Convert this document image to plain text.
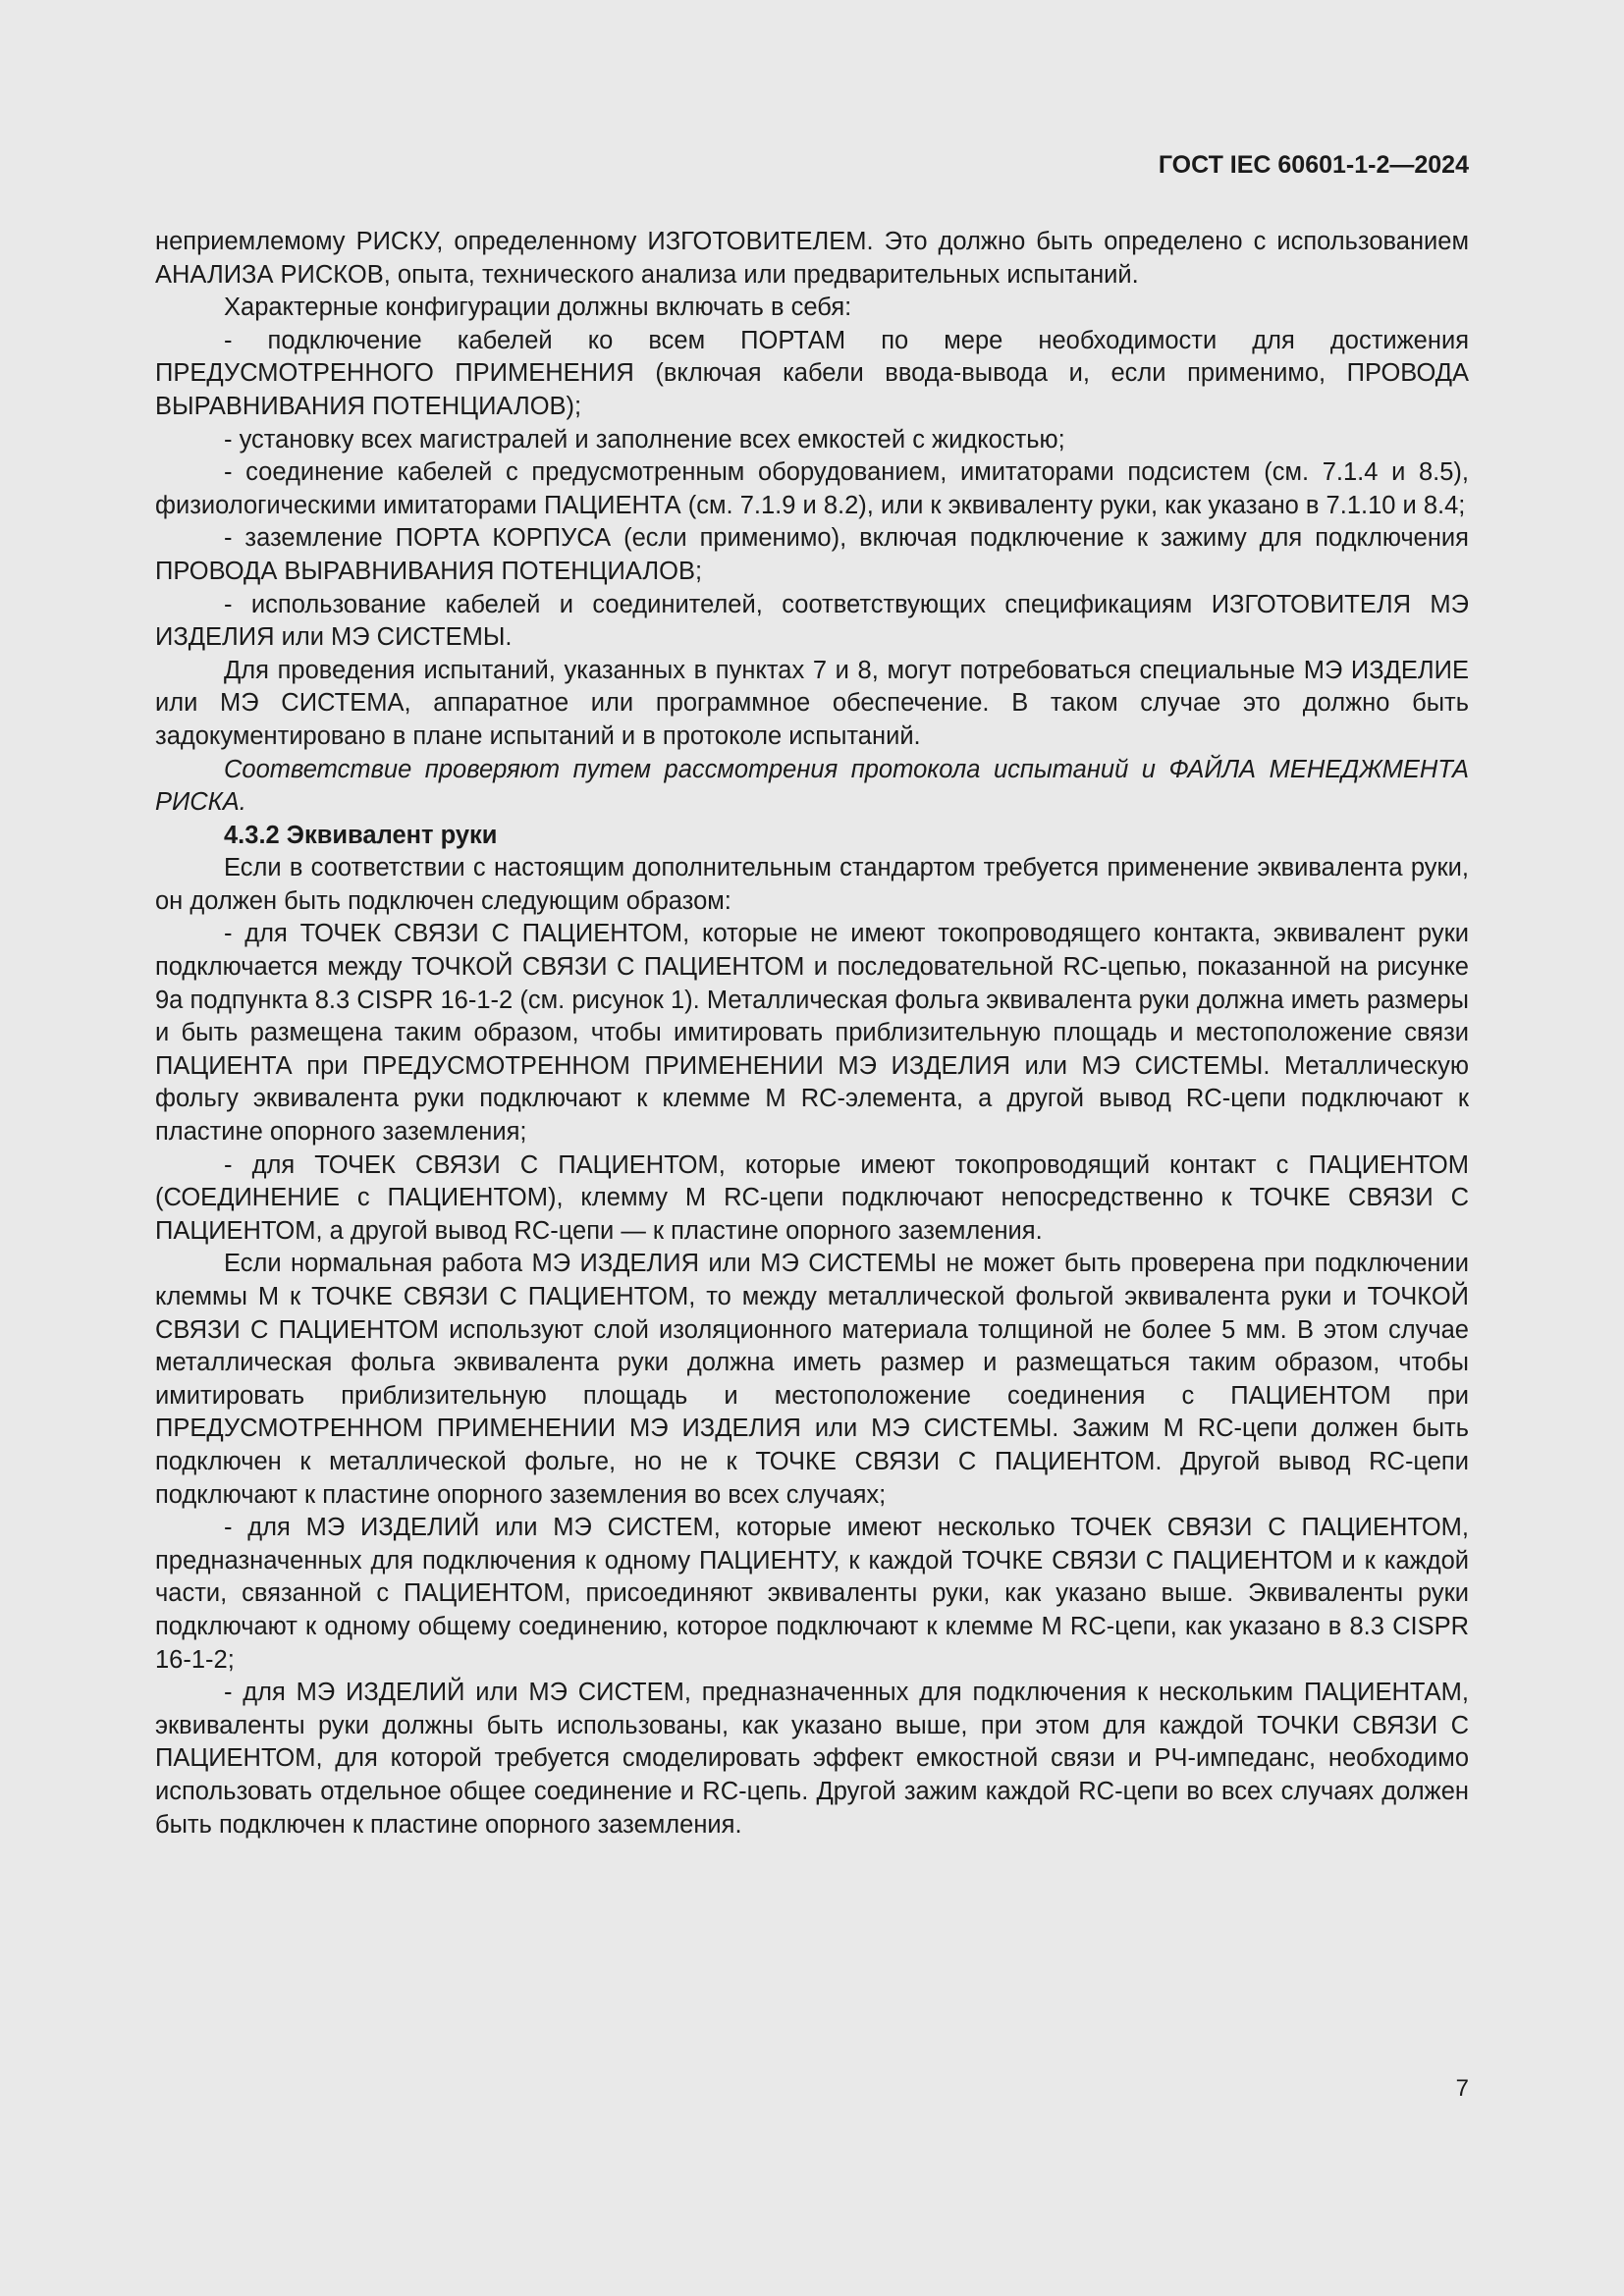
ГОСТ IEC 60601-1-2—2024

неприемлемому РИСКУ, определенному ИЗГОТОВИТЕЛЕМ. Это должно быть определено с использованием АНАЛИЗА РИСКОВ, опыта, технического анализа или предварительных испытаний.

Характерные конфигурации должны включать в себя:

- подключение кабелей ко всем ПОРТАМ по мере необходимости для достижения ПРЕДУСМОТРЕННОГО ПРИМЕНЕНИЯ (включая кабели ввода-вывода и, если применимо, ПРОВОДА ВЫРАВНИВАНИЯ ПОТЕНЦИАЛОВ);

- установку всех магистралей и заполнение всех емкостей с жидкостью;

- соединение кабелей с предусмотренным оборудованием, имитаторами подсистем (см. 7.1.4 и 8.5), физиологическими имитаторами ПАЦИЕНТА (см. 7.1.9 и 8.2), или к эквиваленту руки, как указано в 7.1.10 и 8.4;

- заземление ПОРТА КОРПУСА (если применимо), включая подключение к зажиму для подключения ПРОВОДА ВЫРАВНИВАНИЯ ПОТЕНЦИАЛОВ;

- использование кабелей и соединителей, соответствующих спецификациям ИЗГОТОВИТЕЛЯ МЭ ИЗДЕЛИЯ или МЭ СИСТЕМЫ.

Для проведения испытаний, указанных в пунктах 7 и 8, могут потребоваться специальные МЭ ИЗДЕЛИЕ или МЭ СИСТЕМА, аппаратное или программное обеспечение. В таком случае это должно быть задокументировано в плане испытаний и в протоколе испытаний.

Соответствие проверяют путем рассмотрения протокола испытаний и ФАЙЛА МЕНЕДЖМЕНТА РИСКА.

4.3.2 Эквивалент руки

Если в соответствии с настоящим дополнительным стандартом требуется применение эквивалента руки, он должен быть подключен следующим образом:

- для ТОЧЕК СВЯЗИ С ПАЦИЕНТОМ, которые не имеют токопроводящего контакта, эквивалент руки подключается между ТОЧКОЙ СВЯЗИ С ПАЦИЕНТОМ и последовательной RC-цепью, показанной на рисунке 9a подпункта 8.3 CISPR 16-1-2 (см. рисунок 1). Металлическая фольга эквивалента руки должна иметь размеры и быть размещена таким образом, чтобы имитировать приблизительную площадь и местоположение связи ПАЦИЕНТА при ПРЕДУСМОТРЕННОМ ПРИМЕНЕНИИ МЭ ИЗДЕЛИЯ или МЭ СИСТЕМЫ. Металлическую фольгу эквивалента руки подключают к клемме M RC-элемента, а другой вывод RC-цепи подключают к пластине опорного заземления;

- для ТОЧЕК СВЯЗИ С ПАЦИЕНТОМ, которые имеют токопроводящий контакт с ПАЦИЕНТОМ (СОЕДИНЕНИЕ с ПАЦИЕНТОМ), клемму M RC-цепи подключают непосредственно к ТОЧКЕ СВЯЗИ С ПАЦИЕНТОМ, а другой вывод RC-цепи — к пластине опорного заземления.

Если нормальная работа МЭ ИЗДЕЛИЯ или МЭ СИСТЕМЫ не может быть проверена при подключении клеммы M к ТОЧКЕ СВЯЗИ С ПАЦИЕНТОМ, то между металлической фольгой эквивалента руки и ТОЧКОЙ СВЯЗИ С ПАЦИЕНТОМ используют слой изоляционного материала толщиной не более 5 мм. В этом случае металлическая фольга эквивалента руки должна иметь размер и размещаться таким образом, чтобы имитировать приблизительную площадь и местоположение соединения с ПАЦИЕНТОМ при ПРЕДУСМОТРЕННОМ ПРИМЕНЕНИИ МЭ ИЗДЕЛИЯ или МЭ СИСТЕМЫ. Зажим M RC-цепи должен быть подключен к металлической фольге, но не к ТОЧКЕ СВЯЗИ С ПАЦИЕНТОМ. Другой вывод RC-цепи подключают к пластине опорного заземления во всех случаях;

- для МЭ ИЗДЕЛИЙ или МЭ СИСТЕМ, которые имеют несколько ТОЧЕК СВЯЗИ С ПАЦИЕНТОМ, предназначенных для подключения к одному ПАЦИЕНТУ, к каждой ТОЧКЕ СВЯЗИ С ПАЦИЕНТОМ и к каждой части, связанной с ПАЦИЕНТОМ, присоединяют эквиваленты руки, как указано выше. Эквиваленты руки подключают к одному общему соединению, которое подключают к клемме M RC-цепи, как указано в 8.3 CISPR 16-1-2;

- для МЭ ИЗДЕЛИЙ или МЭ СИСТЕМ, предназначенных для подключения к нескольким ПАЦИЕНТАМ, эквиваленты руки должны быть использованы, как указано выше, при этом для каждой ТОЧКИ СВЯЗИ С ПАЦИЕНТОМ, для которой требуется смоделировать эффект емкостной связи и РЧ-импеданс, необходимо использовать отдельное общее соединение и RC-цепь. Другой зажим каждой RC-цепи во всех случаях должен быть подключен к пластине опорного заземления.

7
